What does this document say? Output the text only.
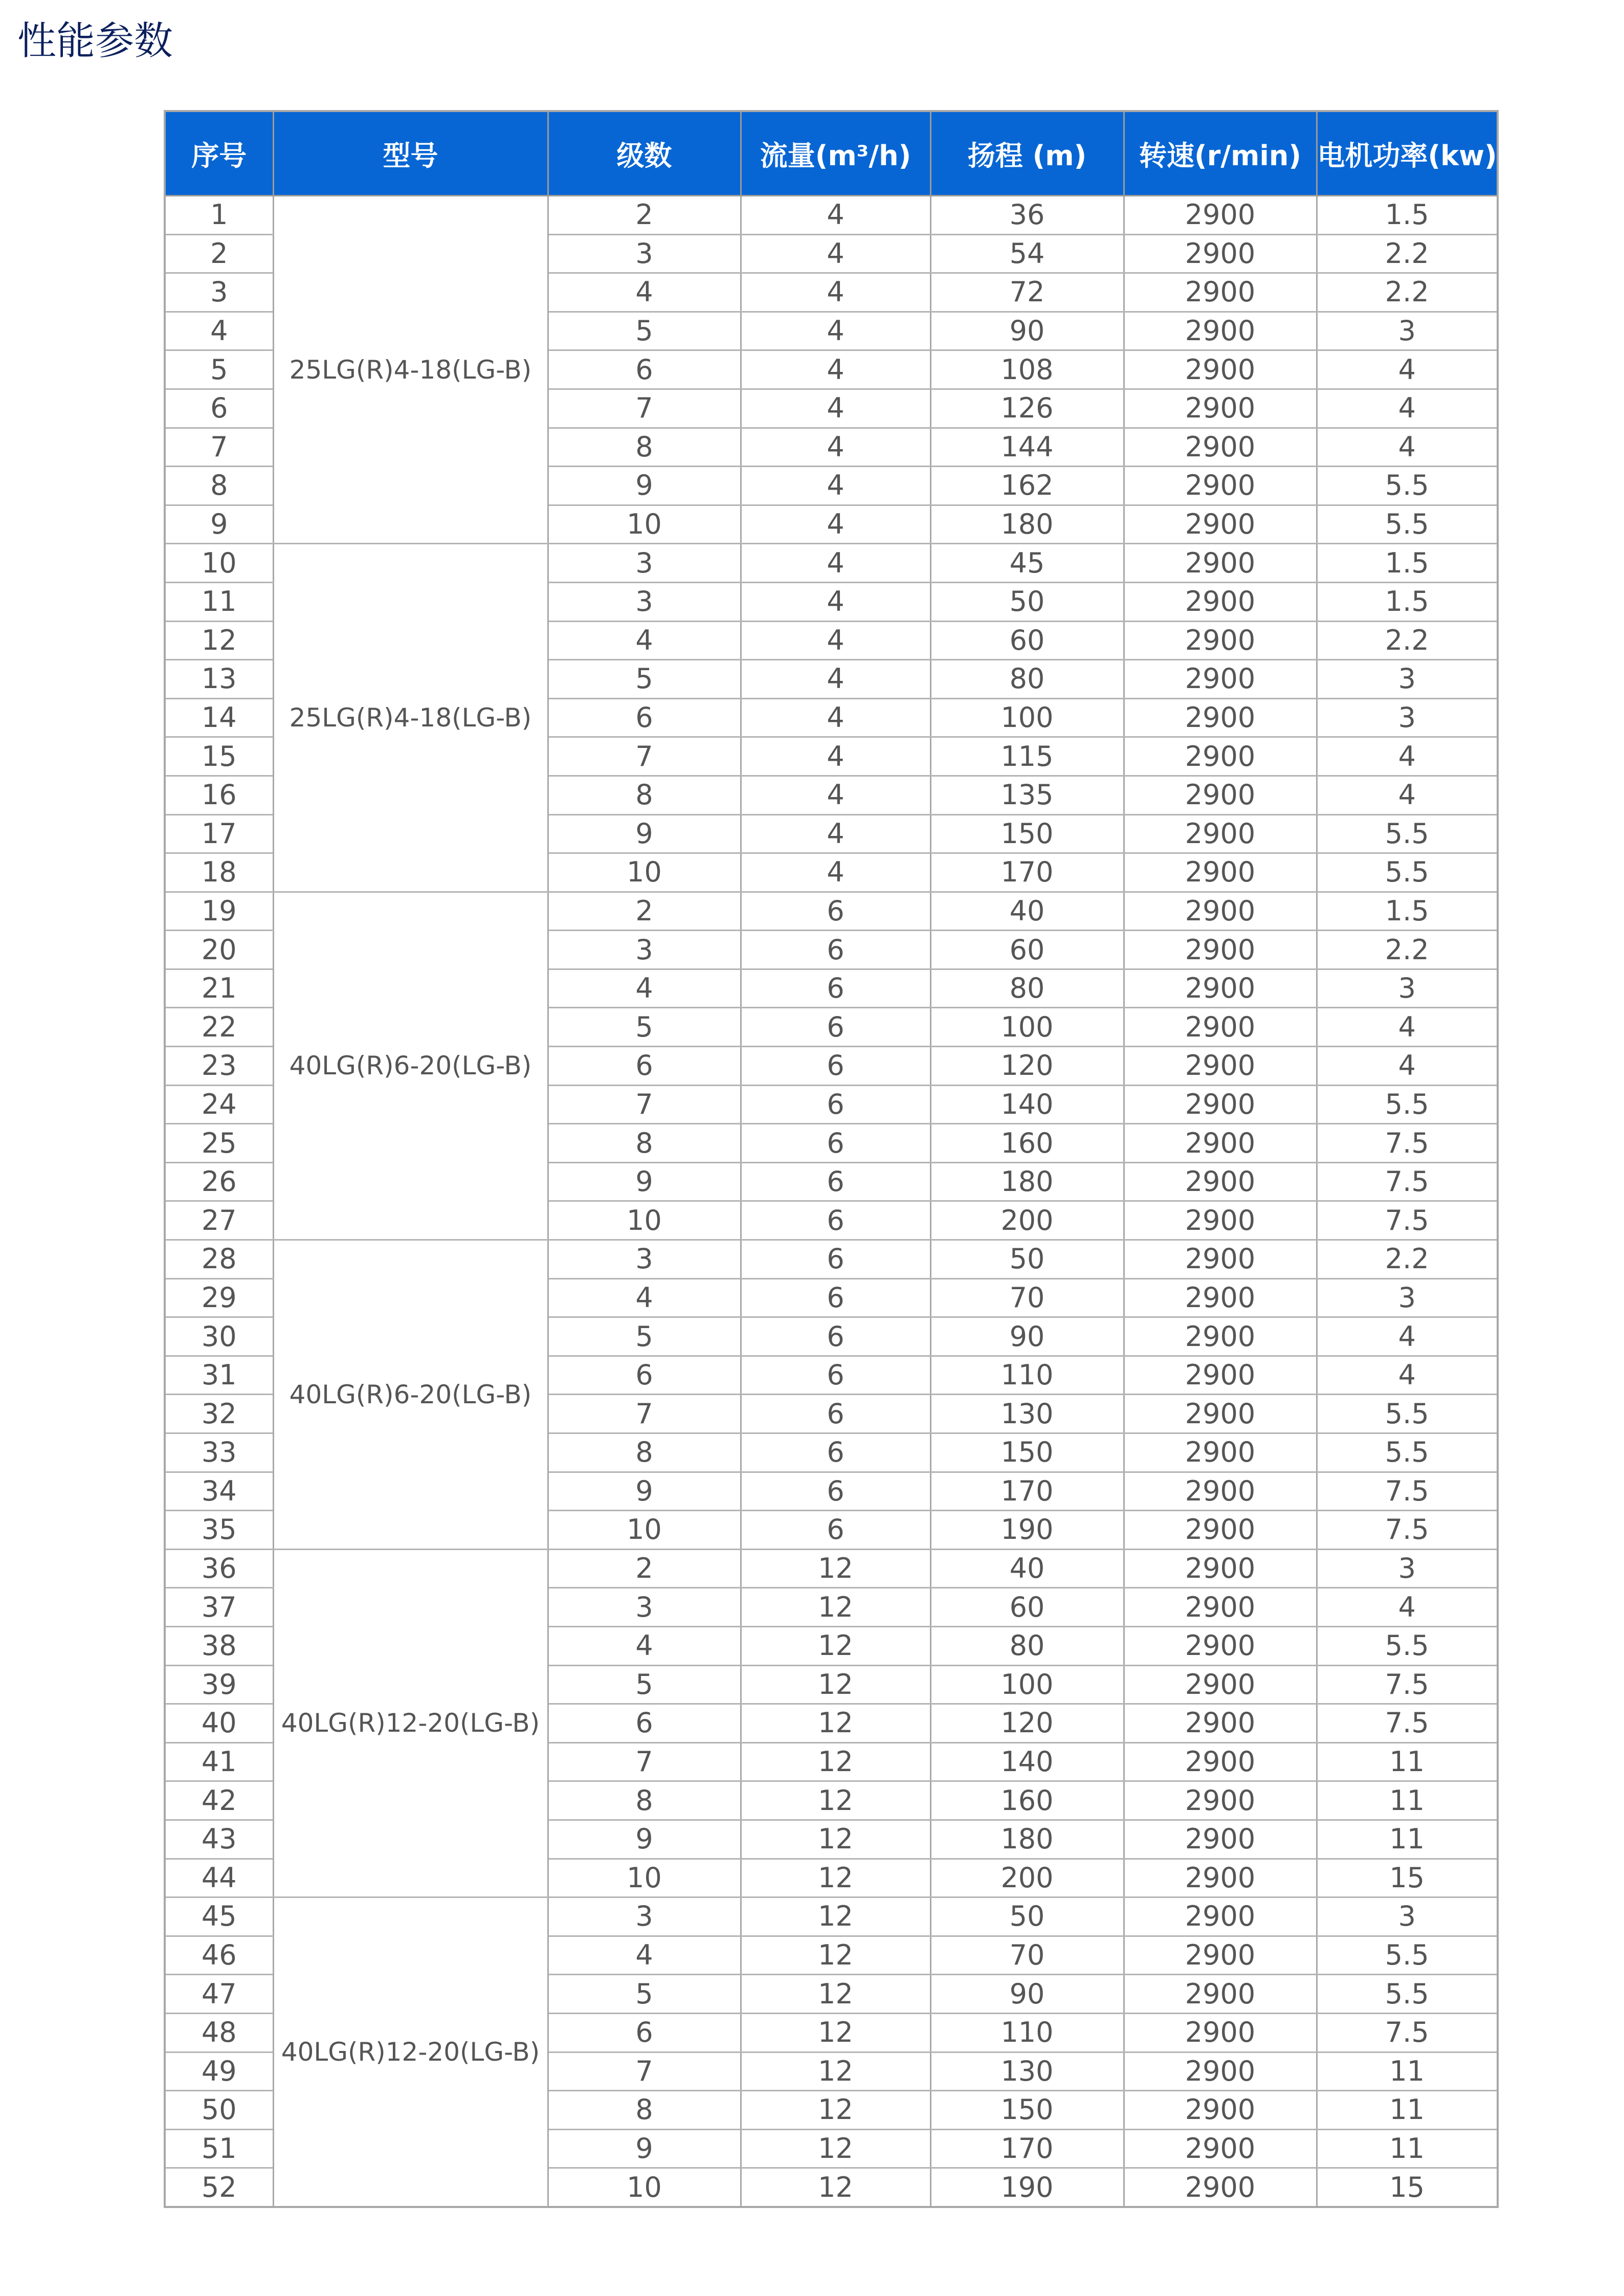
性能参数
序号	型号	级数	流量(m³/h)	扬程 (m)	转速(r/min)	电机功率(kw)
1	25LG(R)4-18(LG-B)	2	4	36	2900	1.5
2		3	4	54	2900	2.2
3		4	4	72	2900	2.2
4		5	4	90	2900	3
5		6	4	108	2900	4
6		7	4	126	2900	4
7		8	4	144	2900	4
8		9	4	162	2900	5.5
9		10	4	180	2900	5.5
10	25LG(R)4-18(LG-B)	3	4	45	2900	1.5
11		3	4	50	2900	1.5
12		4	4	60	2900	2.2
13		5	4	80	2900	3
14		6	4	100	2900	3
15		7	4	115	2900	4
16		8	4	135	2900	4
17		9	4	150	2900	5.5
18		10	4	170	2900	5.5
19	40LG(R)6-20(LG-B)	2	6	40	2900	1.5
20		3	6	60	2900	2.2
21		4	6	80	2900	3
22		5	6	100	2900	4
23		6	6	120	2900	4
24		7	6	140	2900	5.5
25		8	6	160	2900	7.5
26		9	6	180	2900	7.5
27		10	6	200	2900	7.5
28	40LG(R)6-20(LG-B)	3	6	50	2900	2.2
29		4	6	70	2900	3
30		5	6	90	2900	4
31		6	6	110	2900	4
32		7	6	130	2900	5.5
33		8	6	150	2900	5.5
34		9	6	170	2900	7.5
35		10	6	190	2900	7.5
36	40LG(R)12-20(LG-B)	2	12	40	2900	3
37		3	12	60	2900	4
38		4	12	80	2900	5.5
39		5	12	100	2900	7.5
40		6	12	120	2900	7.5
41		7	12	140	2900	11
42		8	12	160	2900	11
43		9	12	180	2900	11
44		10	12	200	2900	15
45	40LG(R)12-20(LG-B)	3	12	50	2900	3
46		4	12	70	2900	5.5
47		5	12	90	2900	5.5
48		6	12	110	2900	7.5
49		7	12	130	2900	11
50		8	12	150	2900	11
51		9	12	170	2900	11
52		10	12	190	2900	15
